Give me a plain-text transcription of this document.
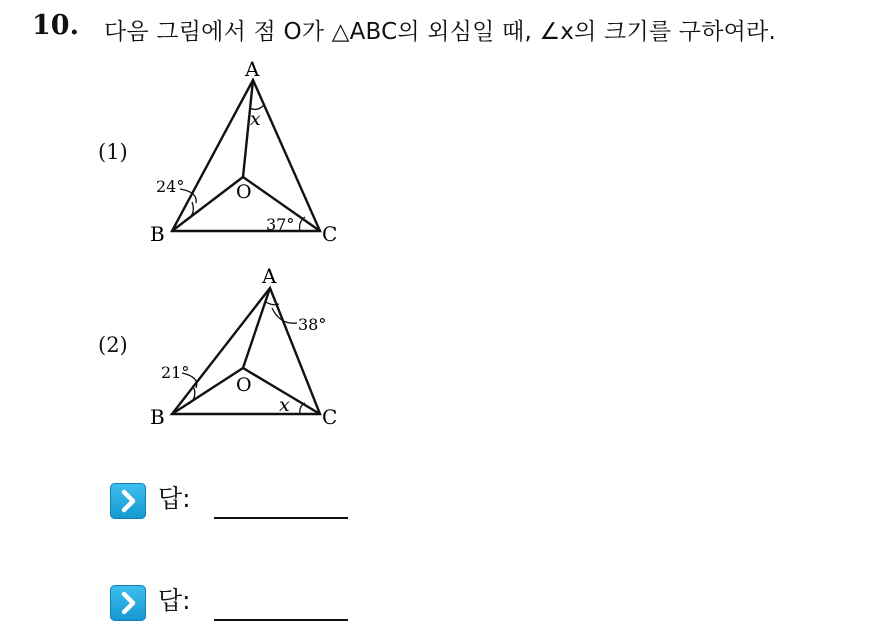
10. 다음 그림에서 점 O가 △ABC의 외심일 때, ∠x의 크기를 구하여라.
(1)
A
B	C
O
x
24°
37°
(2)
A
B	C
O
38°
21°
x
답:
답:
